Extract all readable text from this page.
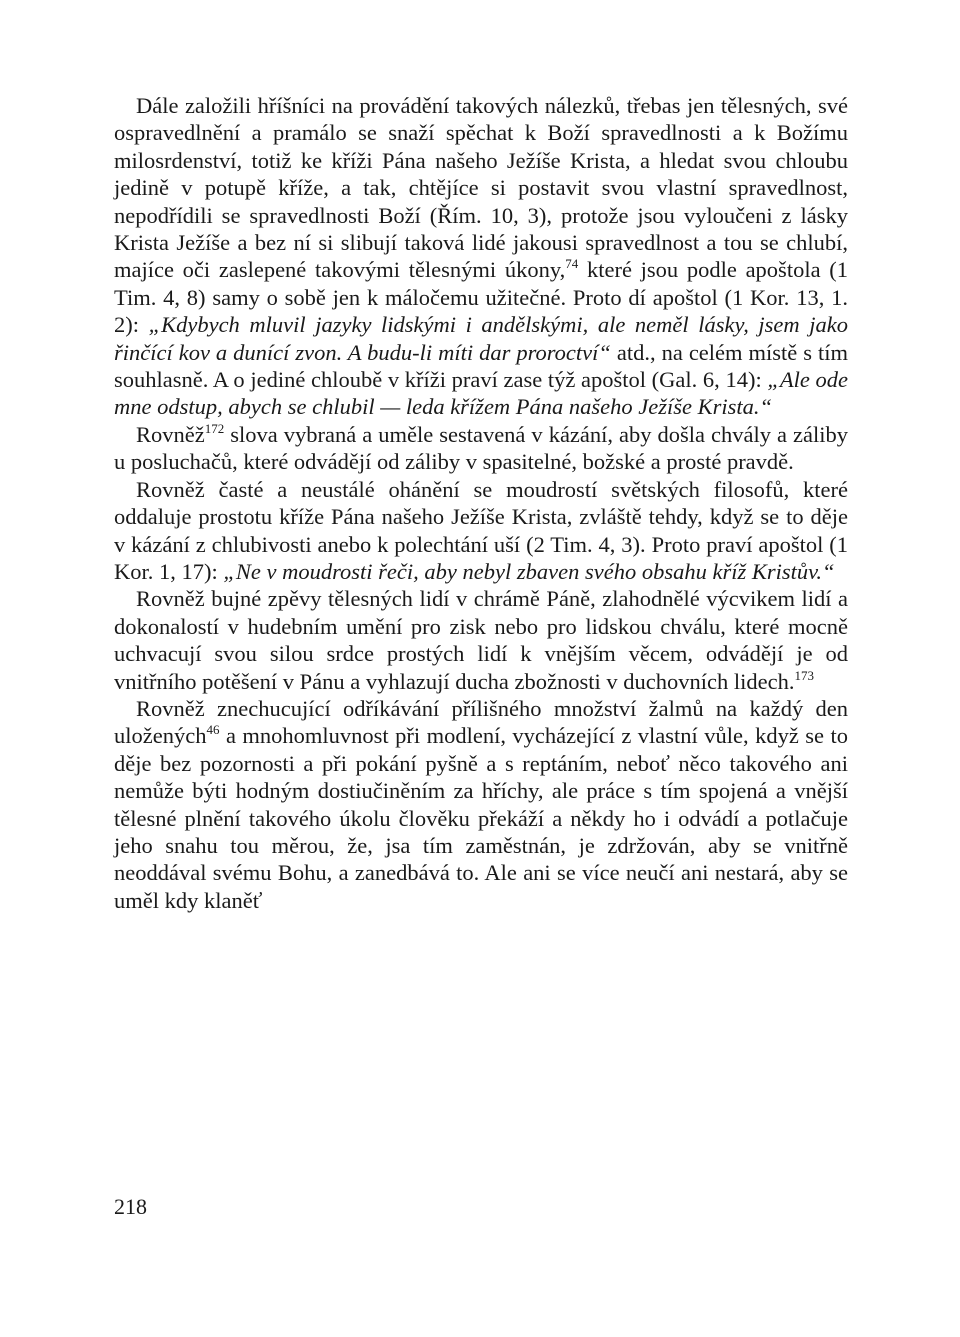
Dále založili hříšníci na provádění takových nálezků, třebas jen tělesných, své ospravedlnění a pramálo se snaží spěchat k Boží spravedlnosti a k Božímu milosrdenství, totiž ke kříži Pána našeho Ježíše Krista, a hledat svou chloubu jedině v potupě kříže, a tak, chtějíce si postavit svou vlastní spravedlnost, nepodřídili se spravedlnosti Boží (Řím. 10, 3), protože jsou vyloučeni z lásky Krista Ježíše a bez ní si slibují taková lidé jakousi spravedlnost a tou se chlubí, majíce oči zaslepené takovými tělesnými úkony,$^{74}$ které jsou podle apoštola (1 Tim. 4, 8) samy o sobě jen k máločemu užitečné. Proto dí apoštol (1 Kor. 13, 1. 2): „Kdybych mluvil jazyky lidskými i andělskými, ale neměl lásky, jsem jako řinčící kov a dunící zvon. A budu-li míti dar proroctví“ atd., na celém místě s tím souhlasně. A o jediné chloubě v kříži praví zase týž apoštol (Gal. 6, 14): „Ale ode mne odstup, abych se chlubil — leda křížem Pána našeho Ježíše Krista.“

Rovněž$^{172}$ slova vybraná a uměle sestavená v kázání, aby došla chvály a záliby u posluchačů, které odvádějí od záliby v spasitelné, božské a prosté pravdě.

Rovněž časté a neustálé ohánění se moudrostí světských filosofů, které oddaluje prostotu kříže Pána našeho Ježíše Krista, zvláště tehdy, když se to děje v kázání z chlubivosti anebo k polechtání uší (2 Tim. 4, 3). Proto praví apoštol (1 Kor. 1, 17): „Ne v moudrosti řeči, aby nebyl zbaven svého obsahu kříž Kristův.“

Rovněž bujné zpěvy tělesných lidí v chrámě Páně, zlahodnělé výcvikem lidí a dokonalostí v hudebním umění pro zisk nebo pro lidskou chválu, které mocně uchvacují svou silou srdce prostých lidí k vnějším věcem, odvádějí je od vnitřního potěšení v Pánu a vyhlazují ducha zbožnosti v duchovních lidech.$^{173}$

Rovněž znechucující odříkávání přílišného množství žalmů na každý den uložených$^{46}$ a mnohomluvnost při modlení, vycházející z vlastní vůle, když se to děje bez pozornosti a při pokání pyšně a s reptáním, neboť něco takového ani nemůže býti hodným dostiučiněním za hříchy, ale práce s tím spojená a vnější tělesné plnění takového úkolu člověku překáží a někdy ho i odvádí a potlačuje jeho snahu tou měrou, že, jsa tím zaměstnán, je zdržován, aby se vnitřně neoddával svému Bohu, a zanedbává to. Ale ani se více neučí ani nestará, aby se uměl kdy klaněť

218
